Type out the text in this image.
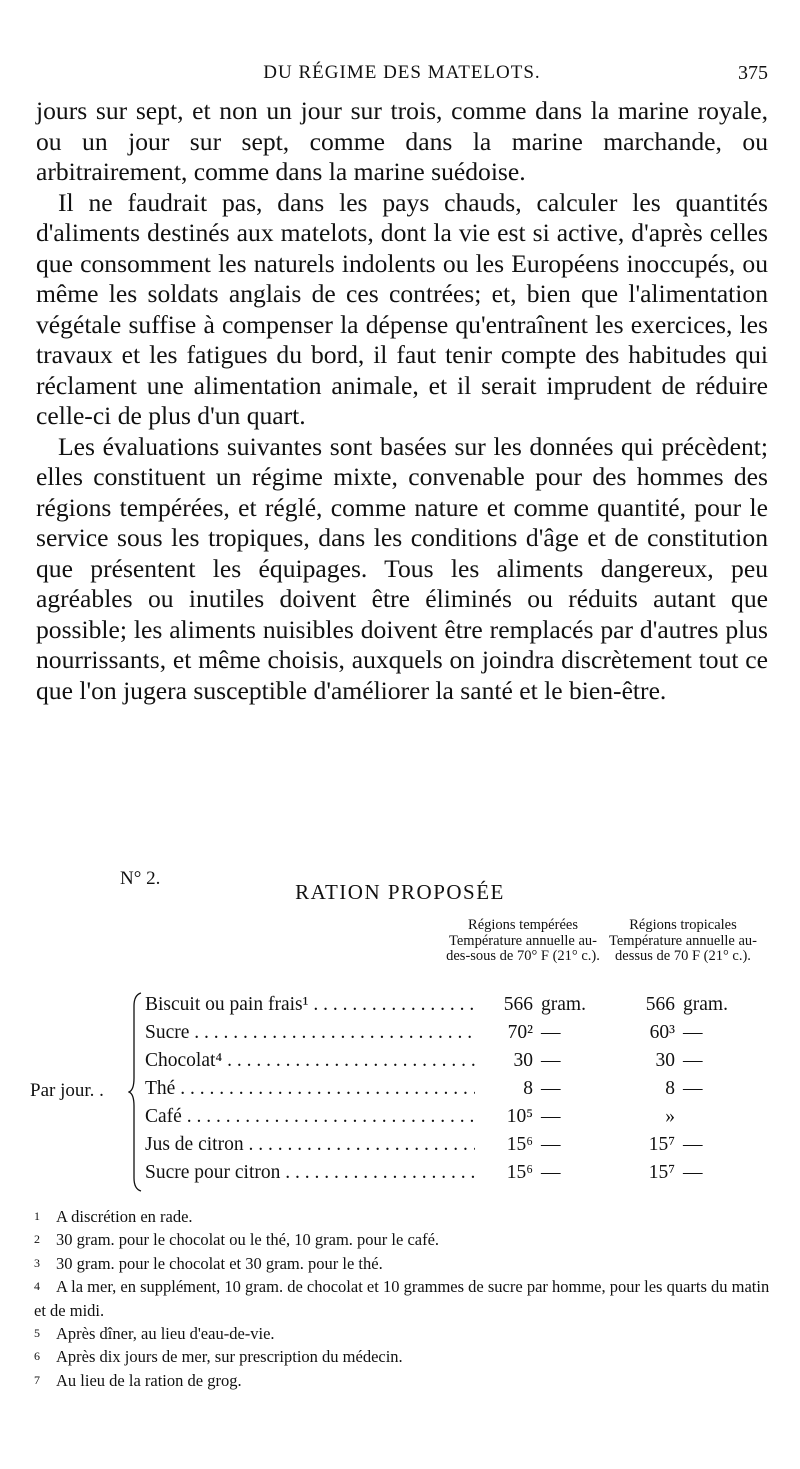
DU RÉGIME DES MATELOTS.	375

jours sur sept, et non un jour sur trois, comme dans la marine royale, ou un jour sur sept, comme dans la marine marchande, ou arbitrairement, comme dans la marine suédoise.

Il ne faudrait pas, dans les pays chauds, calculer les quantités d'aliments destinés aux matelots, dont la vie est si active, d'après celles que consomment les naturels indolents ou les Européens inoccupés, ou même les soldats anglais de ces contrées; et, bien que l'alimentation végétale suffise à compenser la dépense qu'entraînent les exercices, les travaux et les fatigues du bord, il faut tenir compte des habitudes qui réclament une alimentation animale, et il serait imprudent de réduire celle-ci de plus d'un quart.

Les évaluations suivantes sont basées sur les données qui précèdent; elles constituent un régime mixte, convenable pour des hommes des régions tempérées, et réglé, comme nature et comme quantité, pour le service sous les tropiques, dans les conditions d'âge et de constitution que présentent les équipages. Tous les aliments dangereux, peu agréables ou inutiles doivent être éliminés ou réduits autant que possible; les aliments nuisibles doivent être remplacés par d'autres plus nourrissants, et même choisis, auxquels on joindra discrètement tout ce que l'on jugera susceptible d'améliorer la santé et le bien-être.

N° 2.
RATION PROPOSÉE
Régions tempérées Température annuelle au-des-sous de 70° F (21° c.).
Régions tropicales Température annuelle au-dessus de 70 F (21° c.).
Par jour. .
Biscuit ou pain frais¹ . . .	566 gram.	566 gram.
Sucre . . .	70² —	60³ —
Chocolat⁴ . . .	30 —	30 —
Thé . . .	8 —	8 —
Café . . .	10⁵ —	»
Jus de citron . . .	15⁶ —	15⁷ —
Sucre pour citron . . .	15⁶ —	15⁷ —

1 A discrétion en rade.

2 30 gram. pour le chocolat ou le thé, 10 gram. pour le café.

3 30 gram. pour le chocolat et 30 gram. pour le thé.

4 A la mer, en supplément, 10 gram. de chocolat et 10 grammes de sucre par homme, pour les quarts du matin et de midi.

5 Après dîner, au lieu d'eau-de-vie.

6 Après dix jours de mer, sur prescription du médecin.

7 Au lieu de la ration de grog.
